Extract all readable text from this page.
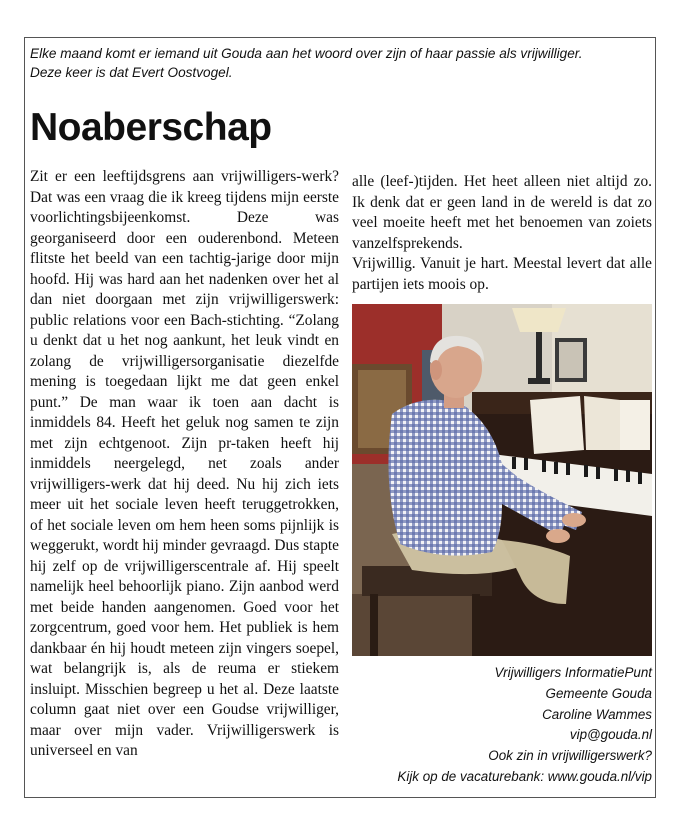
Elke maand komt er iemand uit Gouda aan het woord over zijn of haar passie als vrijwilliger.
Deze keer is dat Evert Oostvogel.
Noaberschap

Zit er een leeftijdsgrens aan vrijwilligers-werk? Dat was een vraag die ik kreeg tijdens mijn eerste voorlichtingsbijeenkomst. Deze was georganiseerd door een ouderenbond. Meteen flitste het beeld van een tachtig-jarige door mijn hoofd. Hij was hard aan het nadenken over het al dan niet doorgaan met zijn vrijwilligerswerk: public relations voor een Bach-stichting. “Zolang u denkt dat u het nog aankunt, het leuk vindt en zolang de vrijwilligersorganisatie diezelfde mening is toegedaan lijkt me dat geen enkel punt.” De man waar ik toen aan dacht is inmiddels 84. Heeft het geluk nog samen te zijn met zijn echtgenoot. Zijn pr-taken heeft hij inmiddels neergelegd, net zoals ander vrijwilligers-werk dat hij deed. Nu hij zich iets meer uit het sociale leven heeft teruggetrokken, of het sociale leven om hem heen soms pijnlijk is weggerukt, wordt hij minder gevraagd. Dus stapte hij zelf op de vrijwilligerscentrale af. Hij speelt namelijk heel behoorlijk piano. Zijn aanbod werd met beide handen aangenomen. Goed voor het zorgcentrum, goed voor hem. Het publiek is hem dankbaar én hij houdt meteen zijn vingers soepel, wat belangrijk is, als de reuma er stiekem insluipt. Misschien begreep u het al. Deze laatste column gaat niet over een Goudse vrijwilliger, maar over mijn vader. Vrijwilligerswerk is universeel en van

alle (leef-)tijden. Het heet alleen niet altijd zo. Ik denk dat er geen land in de wereld is dat zo veel moeite heeft met het benoemen van zoiets vanzelfsprekends.

Vrijwillig. Vanuit je hart. Meestal levert dat alle partijen iets moois op.

Vrijwilligers InformatiePunt
Gemeente Gouda
Caroline Wammes
vip@gouda.nl
Ook zin in vrijwilligerswerk?
Kijk op de vacaturebank: www.gouda.nl/vip
